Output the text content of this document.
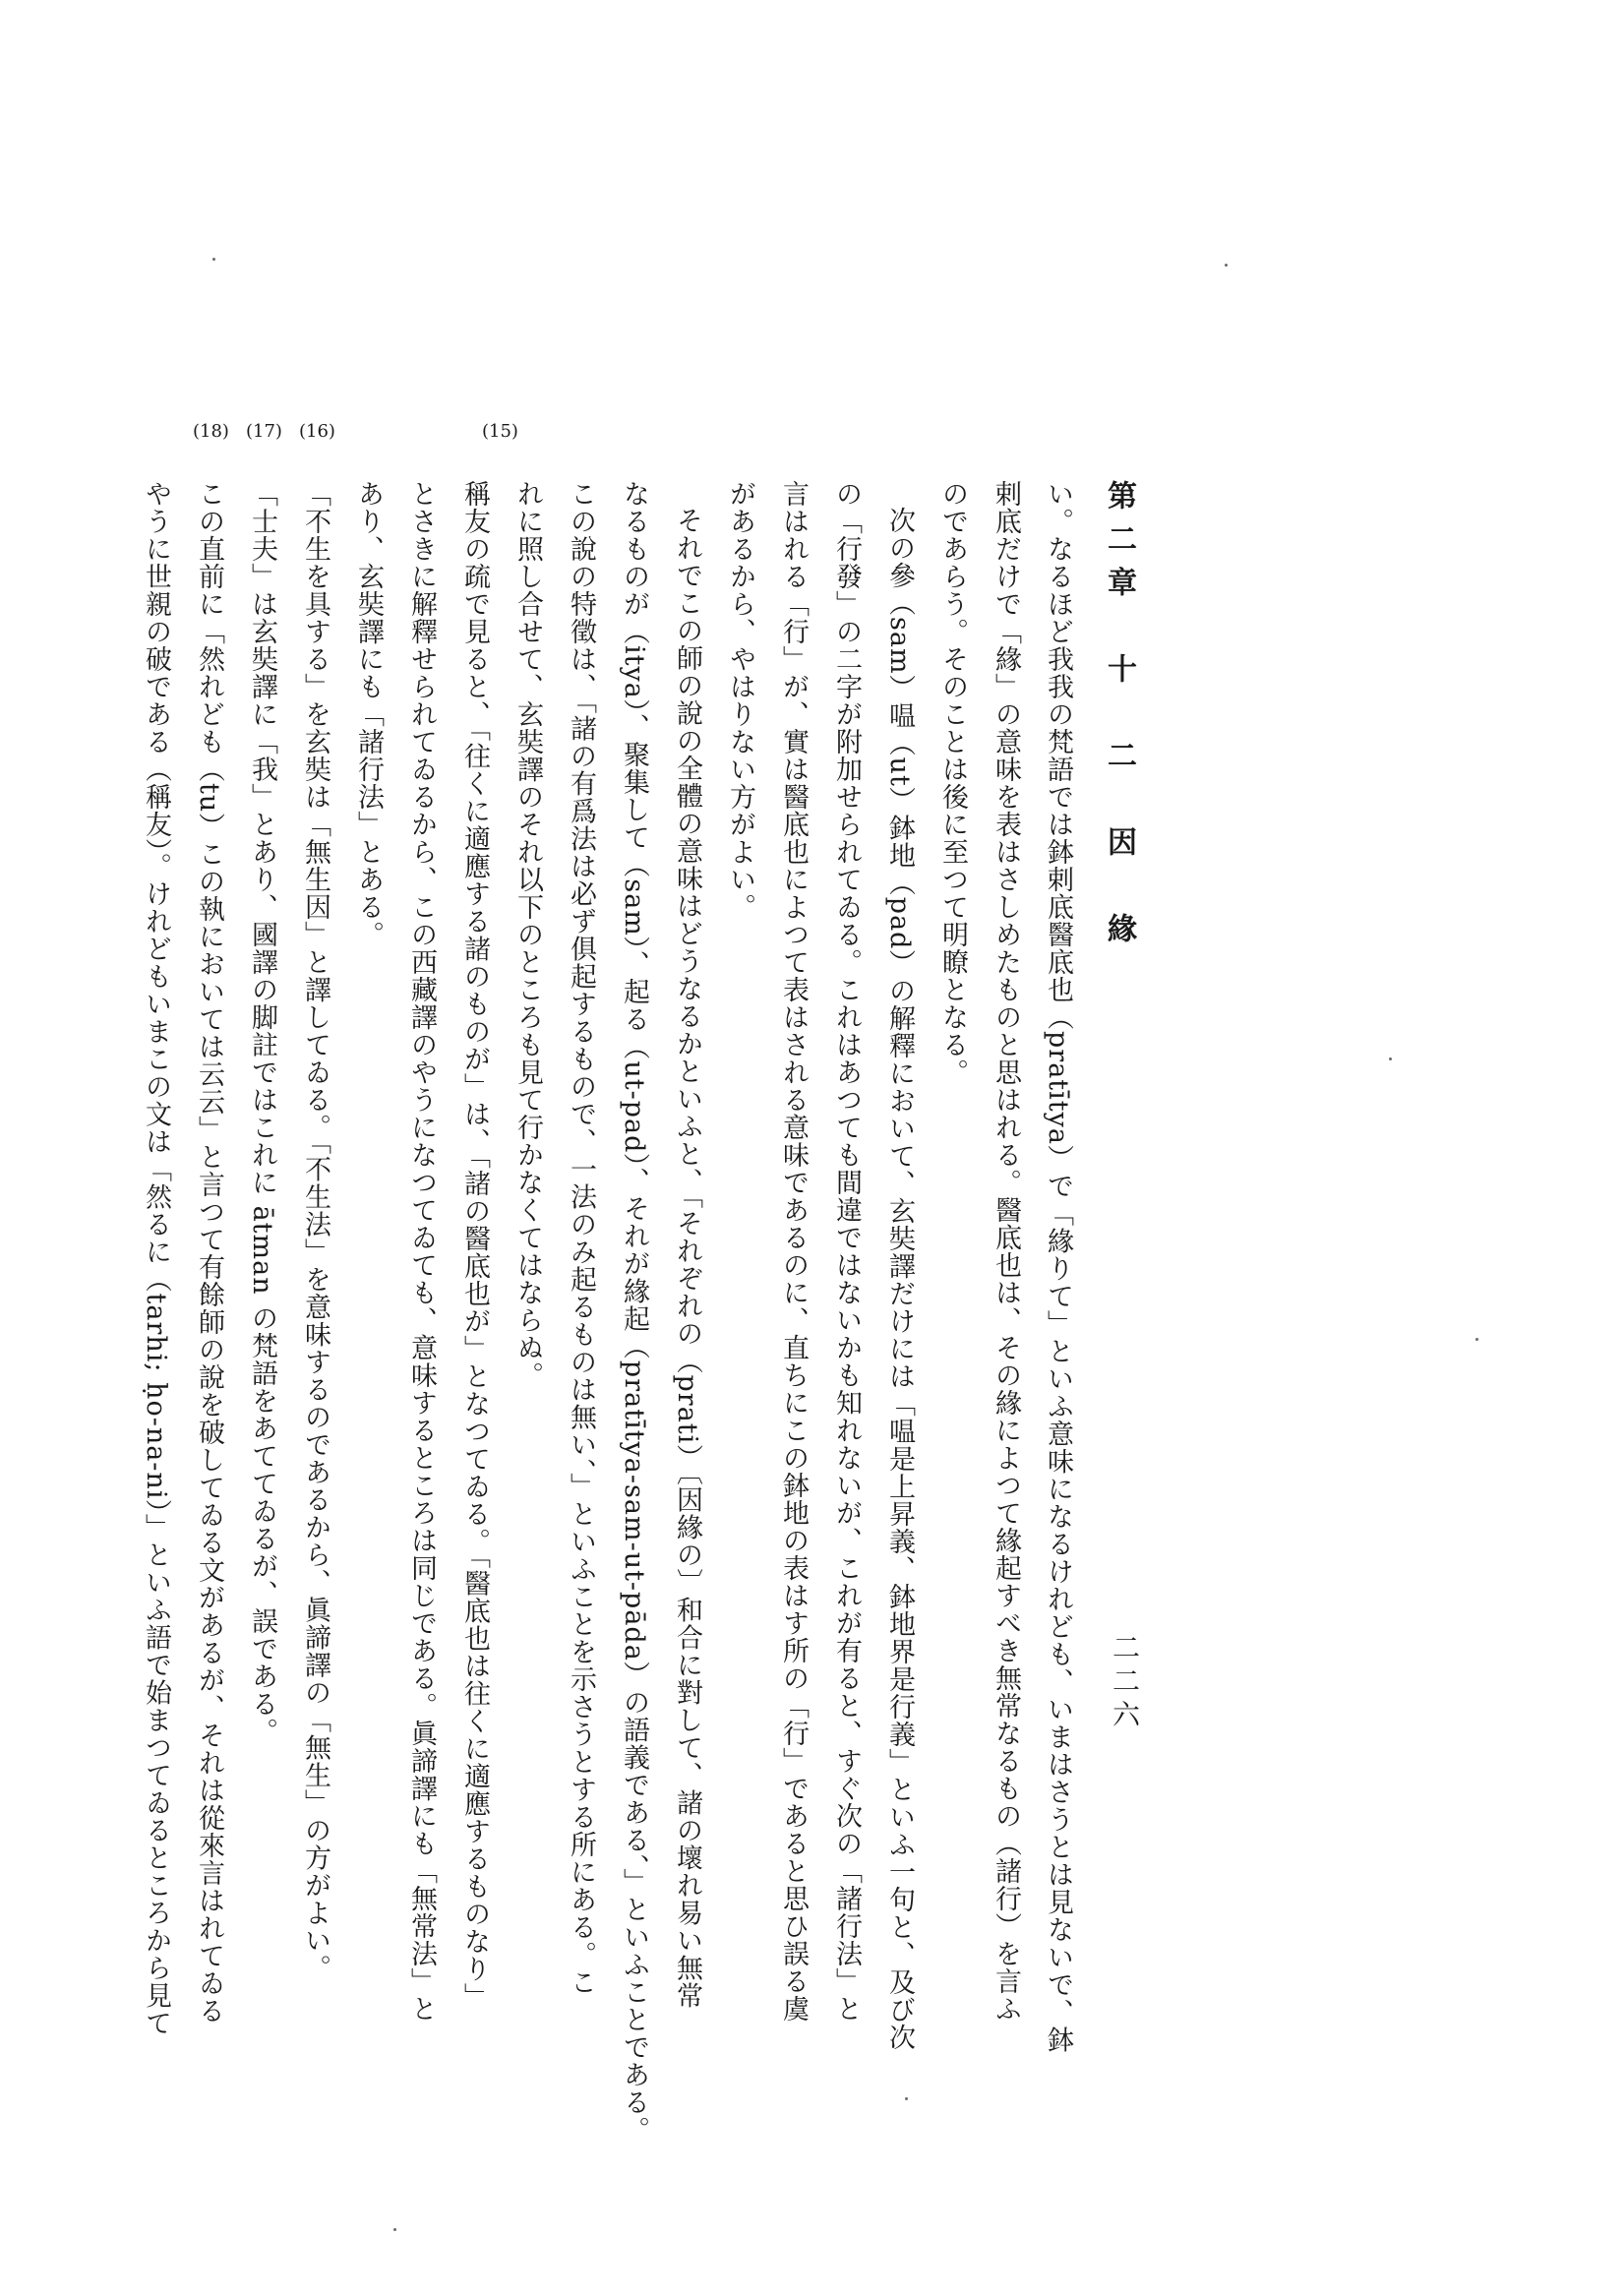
第二章　十　二　因　緣
二二六
(15)
(16)
(17)
(18)
い。なるほど我我の梵語では鉢剌底醫底也（pratītya）で「緣りて」といふ意味になるけれども、いまはさうとは見ないで、鉢
剌底だけで「緣」の意味を表はさしめたものと思はれる。醫底也は、その緣によつて緣起すべき無常なるもの（諸行）を言ふ
のであらう。そのことは後に至つて明瞭となる。
次の參（sam）嗢（ut）鉢地（pad）の解釋において、玄奘譯だけには「嗢是上昇義、鉢地界是行義」といふ一句と、及び次
の「行發」の二字が附加せられてゐる。これはあつても間違ではないかも知れないが、これが有ると、すぐ次の「諸行法」と
言はれる「行」が、實は醫底也によつて表はされる意味であるのに、直ちにこの鉢地の表はす所の「行」であると思ひ誤る虞
があるから、やはりない方がよい。
それでこの師の說の全體の意味はどうなるかといふと、「それぞれの（prati）〔因緣の〕和合に對して、諸の壞れ易い無常
なるものが（itya）、聚集して（sam）、起る（ut-pad）、それが緣起（pratītya-sam-ut-pāda）の語義である、」といふことである。
この說の特徵は、「諸の有爲法は必ず俱起するもので、一法のみ起るものは無い、」といふことを示さうとする所にある。こ
れに照し合せて、玄奘譯のそれ以下のところも見て行かなくてはならぬ。
稱友の疏で見ると、「往くに適應する諸のものが」は、「諸の醫底也が」となつてゐる。「醫底也は往くに適應するものなり」
とさきに解釋せられてゐるから、この西藏譯のやうになつてゐても、意味するところは同じである。眞諦譯にも「無常法」と
あり、玄奘譯にも「諸行法」とある。
「不生を具する」を玄奘は「無生因」と譯してゐる。「不生法」を意味するのであるから、眞諦譯の「無生」の方がよい。
「士夫」は玄奘譯に「我」とあり、國譯の脚註ではこれに ātman の梵語をあててゐるが、誤である。
この直前に「然れども（tu）この執においては云云」と言つて有餘師の說を破してゐる文があるが、それは從來言はれてゐる
やうに世親の破である（稱友）。けれどもいまこの文は「然るに（tarhi; ḥo-na-ni）」といふ語で始まつてゐるところから見て
